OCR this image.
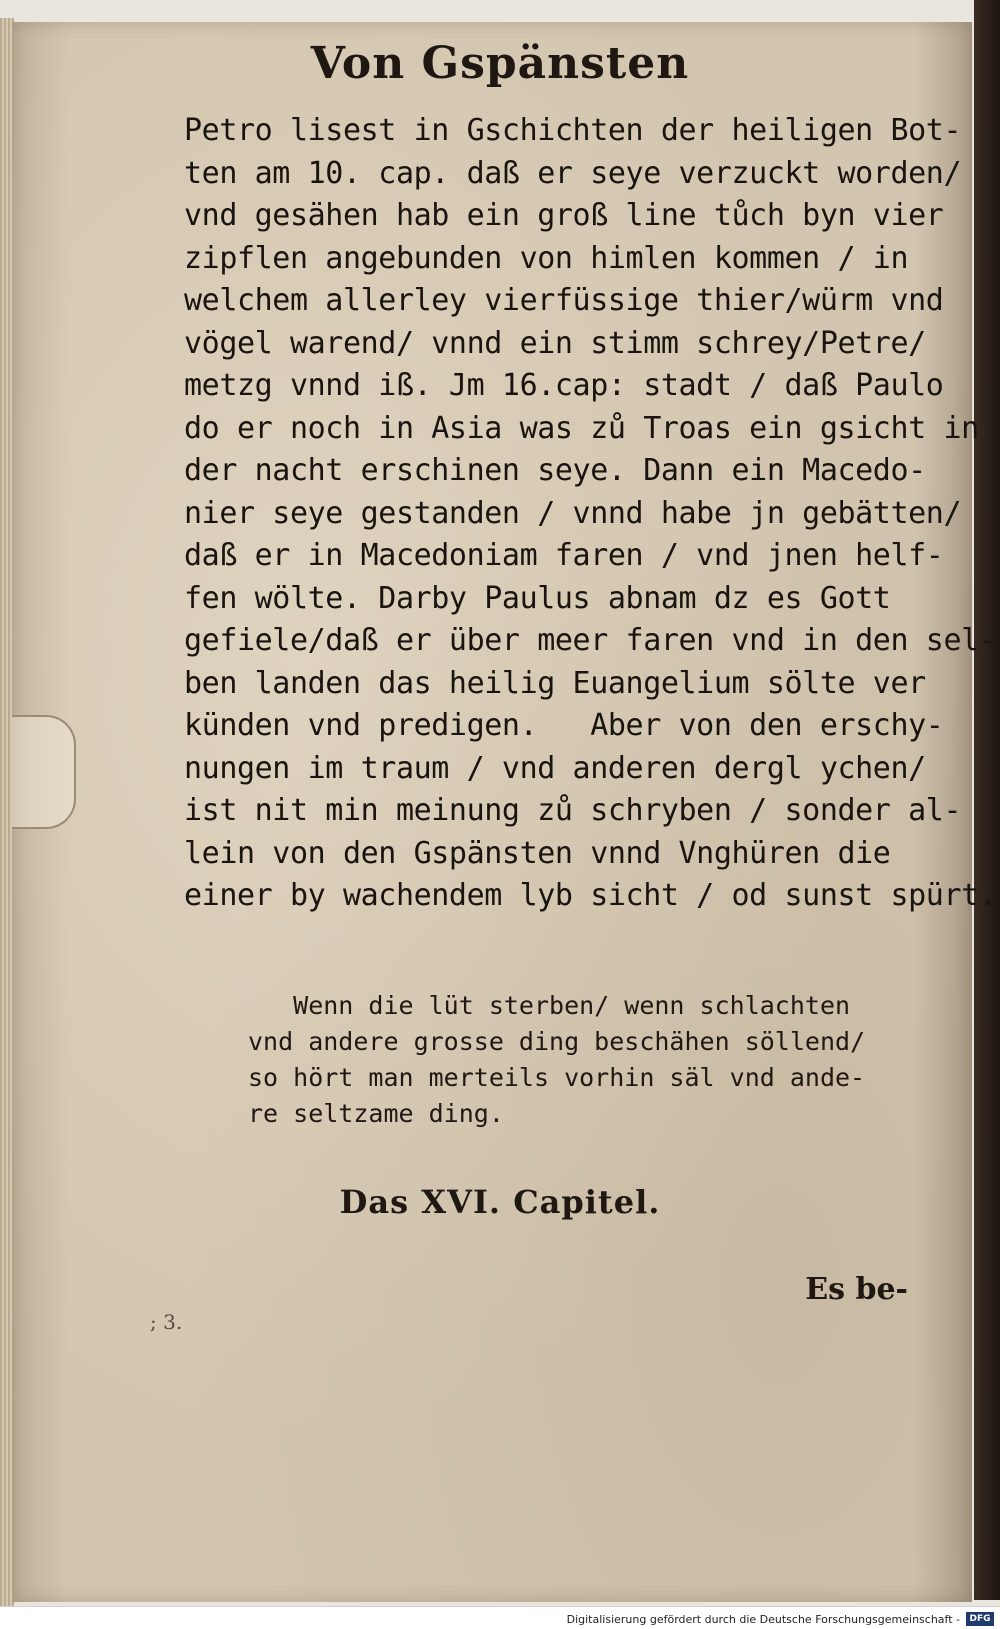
Von Gspänsten
Petro lisest in Gschichten der heiligen Bot-
ten am 10. cap. daß er seye verzuckt worden/
vnd gesähen hab ein groß line tůch byn vier
zipflen angebunden von himlen kommen / in
welchem allerley vierfüssige thier/würm vnd
vögel warend/ vnnd ein stimm schrey/Petre/
metzg vnnd iß. Jm 16.cap: stadt / daß Paulo
do er noch in Asia was zů Troas ein gsicht in
der nacht erschinen seye. Dann ein Macedo-
nier seye gestanden / vnnd habe jn gebätten/
daß er in Macedoniam faren / vnd jnen helf-
fen wölte. Darby Paulus abnam dz es Gott
gefiele/daß er über meer faren vnd in den sel-
ben landen das heilig Euangelium sölte ver
künden vnd predigen.   Aber von den erschy-
nungen im traum / vnd anderen dergl ychen/
ist nit min meinung zů schryben / sonder al-
lein von den Gspänsten vnnd Vnghüren die
einer by wachendem lyb sicht / od sunst spürt.
Wenn die lüt sterben/ wenn schlachten
vnd andere grosse ding beschähen söllend/
so hört man merteils vorhin säl vnd ande-
re seltzame ding.
Das XVI. Capitel.
Es be-
; 3.
Digitalisierung gefördert durch die Deutsche Forschungsgemeinschaft -	DFG
